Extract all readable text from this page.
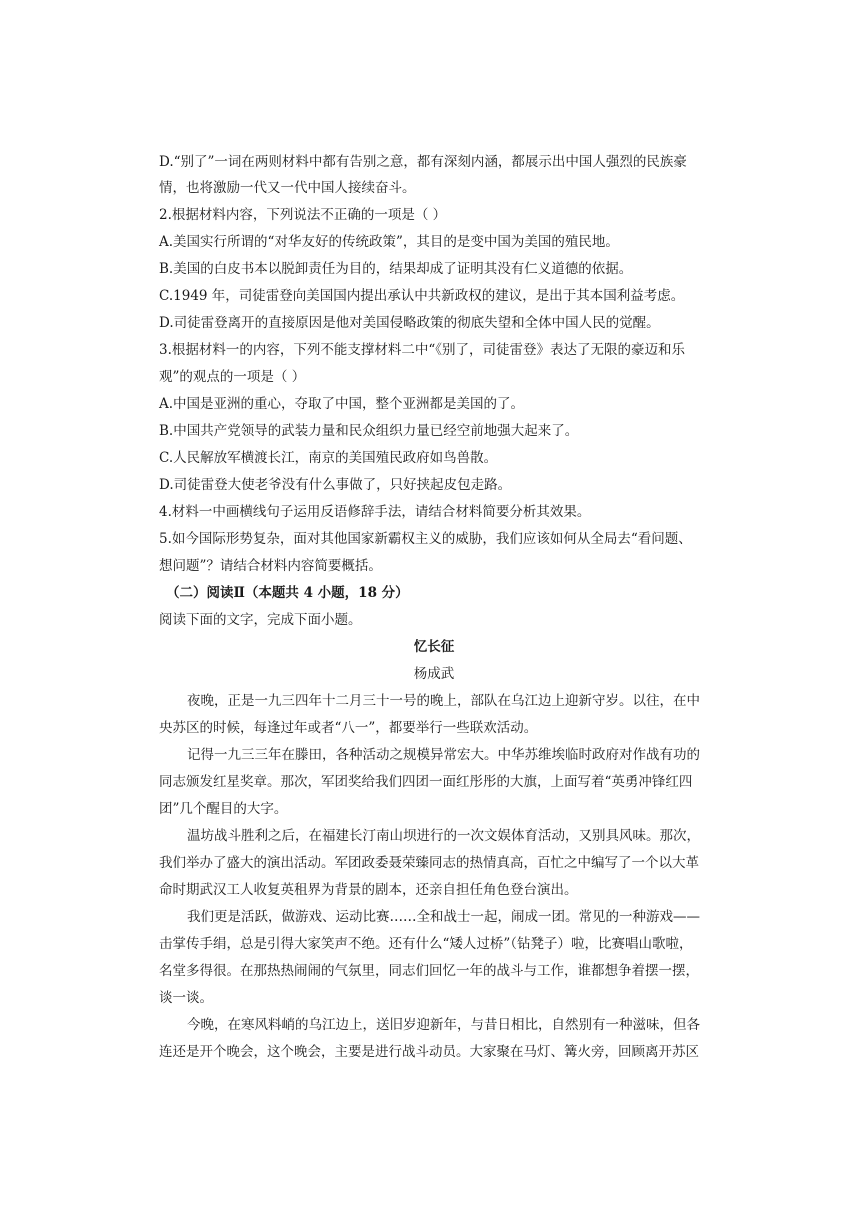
D.“别了”一词在两则材料中都有告别之意，都有深刻内涵，都展示出中国人强烈的民族豪
情，也将激励一代又一代中国人接续奋斗。
2.根据材料内容，下列说法不正确的一项是（ ）
A.美国实行所谓的“对华友好的传统政策”，其目的是变中国为美国的殖民地。
B.美国的白皮书本以脱卸责任为目的，结果却成了证明其没有仁义道德的依据。
C.1949 年，司徒雷登向美国国内提出承认中共新政权的建议，是出于其本国利益考虑。
D.司徒雷登离开的直接原因是他对美国侵略政策的彻底失望和全体中国人民的觉醒。
3.根据材料一的内容，下列不能支撑材料二中“《别了，司徒雷登》表达了无限的豪迈和乐
观”的观点的一项是（ ）
A.中国是亚洲的重心，夺取了中国，整个亚洲都是美国的了。
B.中国共产党领导的武装力量和民众组织力量已经空前地强大起来了。
C.人民解放军横渡长江，南京的美国殖民政府如鸟兽散。
D.司徒雷登大使老爷没有什么事做了，只好挟起皮包走路。
4.材料一中画横线句子运用反语修辞手法，请结合材料简要分析其效果。
5.如今国际形势复杂，面对其他国家新霸权主义的威胁，我们应该如何从全局去“看问题、
想问题”？请结合材料内容简要概括。
（二）阅读Ⅱ（本题共 4 小题，18 分）
阅读下面的文字，完成下面小题。
忆长征
杨成武
夜晚，正是一九三四年十二月三十一号的晚上，部队在乌江边上迎新守岁。以往，在中
央苏区的时候，每逢过年或者“八一”，都要举行一些联欢活动。
记得一九三三年在滕田，各种活动之规模异常宏大。中华苏维埃临时政府对作战有功的
同志颁发红星奖章。那次，军团奖给我们四团一面红彤彤的大旗，上面写着“英勇冲锋红四
团”几个醒目的大字。
温坊战斗胜利之后，在福建长汀南山坝进行的一次文娱体育活动，又别具风味。那次，
我们举办了盛大的演出活动。军团政委聂荣臻同志的热情真高，百忙之中编写了一个以大革
命时期武汉工人收复英租界为背景的剧本，还亲自担任角色登台演出。
我们更是活跃，做游戏、运动比赛……全和战士一起，闹成一团。常见的一种游戏——
击掌传手绢，总是引得大家笑声不绝。还有什么“矮人过桥”（钻凳子）啦，比赛唱山歌啦，
名堂多得很。在那热热闹闹的气氛里，同志们回忆一年的战斗与工作，谁都想争着摆一摆，
谈一谈。
今晚，在寒风料峭的乌江边上，送旧岁迎新年，与昔日相比，自然别有一种滋味，但各
连还是开个晚会，这个晚会，主要是进行战斗动员。大家聚在马灯、篝火旁，回顾离开苏区
